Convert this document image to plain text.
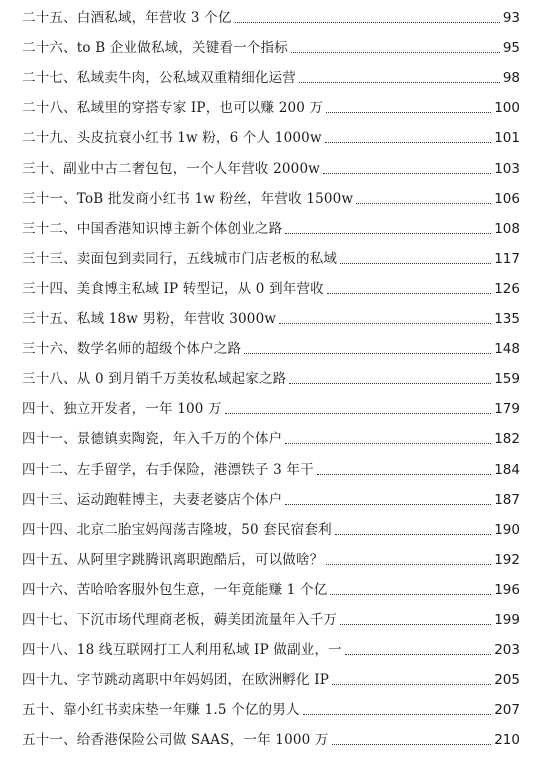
二十五、白酒私域，年营收 3 个亿	93
二十六、to B 企业做私域，关键看一个指标	95
二十七、私域卖牛肉，公私域双重精细化运营	98
二十八、私域里的穿搭专家 IP，也可以赚 200 万	100
二十九、头皮抗衰小红书 1w 粉，6 个人 1000w	101
三十、副业中古二奢包包，一个人年营收 2000w	103
三十一、ToB 批发商小红书 1w 粉丝，年营收 1500w	106
三十二、中国香港知识博主新个体创业之路	108
三十三、卖面包到卖同行，五线城市门店老板的私域	117
三十四、美食博主私域 IP 转型记，从 0 到年营收	126
三十五、私域 18w 男粉，年营收 3000w	135
三十六、数学名师的超级个体户之路	148
三十八、从 0 到月销千万美妆私域起家之路	159
四十、独立开发者，一年 100 万	179
四十一、景德镇卖陶瓷，年入千万的个体户	182
四十二、左手留学，右手保险，港漂铁子 3 年干	184
四十三、运动跑鞋博主，夫妻老婆店个体户	187
四十四、北京二胎宝妈闯荡吉隆坡，50 套民宿套利	190
四十五、从阿里字跳腾讯离职跑酷后，可以做啥？	192
四十六、苦哈哈客服外包生意，一年竟能赚 1 个亿	196
四十七、下沉市场代理商老板，薅美团流量年入千万	199
四十八、18 线互联网打工人利用私域 IP 做副业，一	203
四十九、字节跳动离职中年妈妈团，在欧洲孵化 IP	205
五十、靠小红书卖床垫一年赚 1.5 个亿的男人	207
五十一、给香港保险公司做 SAAS，一年 1000 万	210
